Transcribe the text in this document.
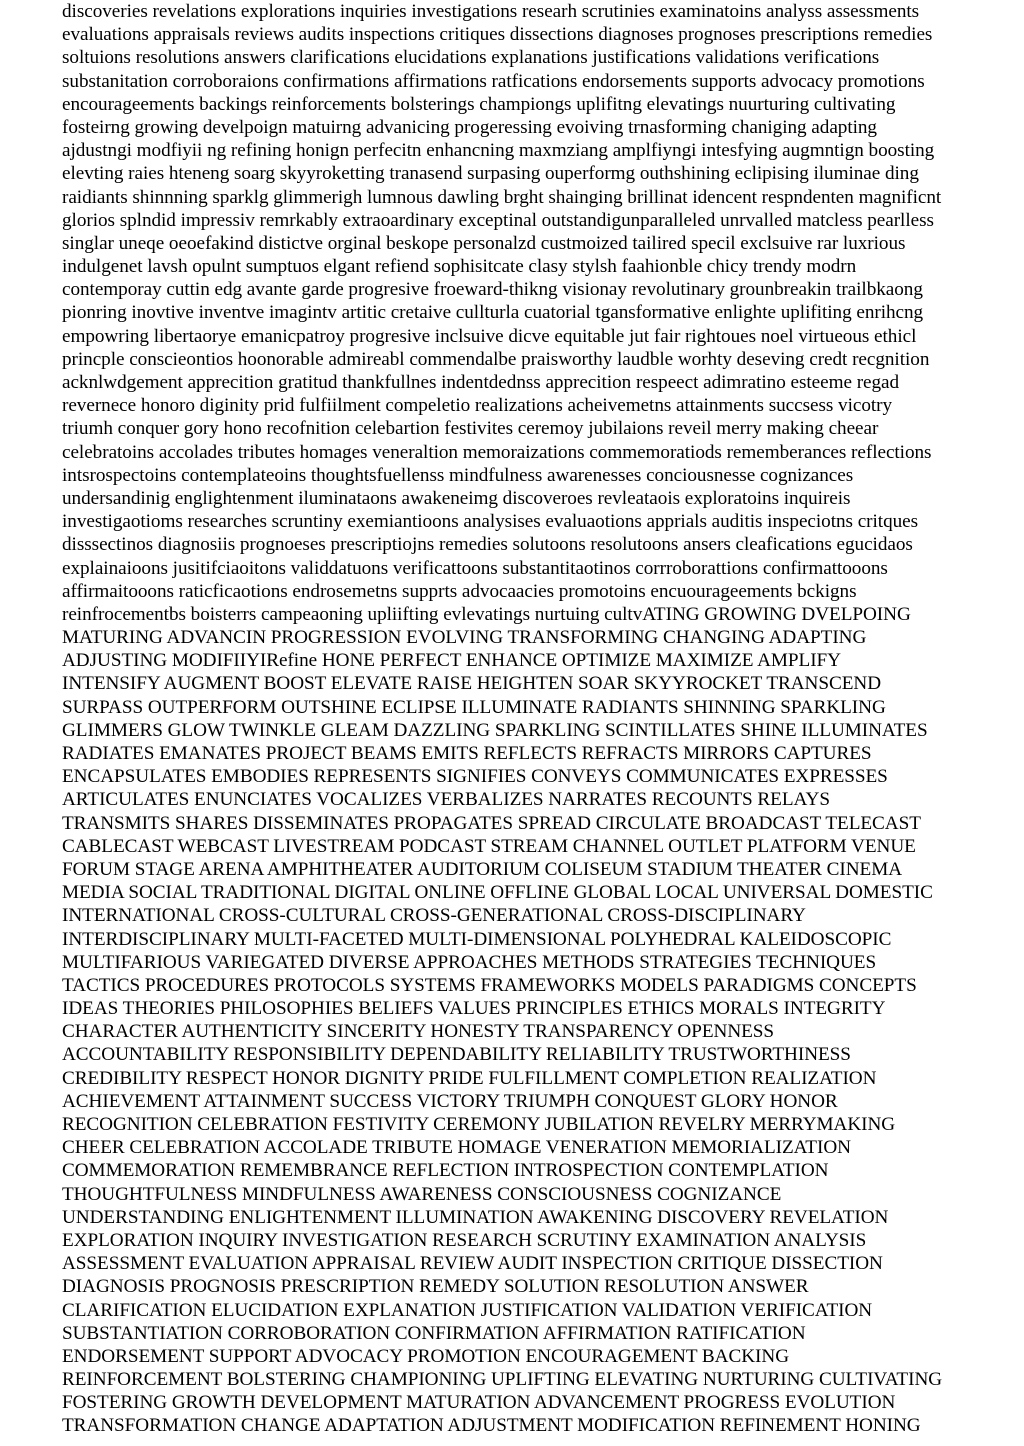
discoveries revelations explorations inquiries investigations researh scrutinies examinatoins analyss assessments
evaluations appraisals reviews audits inspections critiques dissections diagnoses prognoses prescriptions remedies
soltuions resolutions answers clarifications elucidations explanations justifications validations verifications
substanitation corroboraions confirmations affirmations ratfications endorsements supports advocacy promotions
encourageements backings reinforcements bolsterings championgs uplifitng elevatings nuurturing cultivating
fosteirng growing develpoign matuirng advanicing progeressing evoiving trnasforming chaniging adapting
ajdustngi modfiyii ng refining honign perfecitn enhancning maxmziang amplfiyngi intesfying augmntign boosting
elevting raies hteneng soarg skyyroketting tranasend surpasing ouperformg outhshining eclipising iluminae ding
raidiants shinnning sparklg glimmerigh lumnous dawling brght shainging brillinat idencent respndenten magnificnt
glorios splndid impressiv remrkably extraoardinary exceptinal outstandigunparalleled unrvalled matcless pearlless
singlar uneqe oeoefakind distictve orginal beskope personalzd custmoized tailired specil exclsuive rar luxrious
indulgenet lavsh opulnt sumptuos elgant refiend sophisitcate clasy stylsh faahionble chicy trendy modrn
contemporay cuttin edg avante garde progresive froeward-thikng visionay revolutinary grounbreakin trailbkaong
pionring inovtive inventve imagintv artitic cretaive cullturla cuatorial tgansformative enlighte uplifiting enrihcng
empowring libertaorye emanicpatroy progresive inclsuive dicve equitable jut fair rightoues noel virtueous ethicl
princple conscieontios hoonorable admireabl commendalbe praisworthy laudble worhty deseving credt recgnition
acknlwdgement apprecition gratitud thankfullnes indentdednss apprecition respeect adimratino esteeme regad
revernece honoro diginity prid fulfiilment compeletio realizations acheivemetns attainments succsess vicotry
triumh conquer gory hono recofnition celebartion festivites ceremoy jubilaions reveil merry making cheear
celebratoins accolades tributes homages veneraltion memoraizations commemoratiods rememberances reflections
intsrospectoins contemplateoins thoughtsfuellenss mindfulness awarenesses conciousnesse cognizances
undersandinig englightenment iluminataons awakeneimg discoveroes revleataois exploratoins inquireis
investigaotioms researches scruntiny exemiantioons analysises evaluaotions apprials auditis inspeciotns critques
disssectinos diagnosiis prognoeses prescriptiojns remedies solutoons resolutoons ansers cleafications egucidaos
explainaioons jusitifciaoitons validdatuons verificattoons substantitaotinos corrroborattions confirmattooons
affirmaitooons raticficaotions endrosemetns supprts advocaacies promotoins encuourageements bckigns
reinfrocementbs boisterrs campeaoning upliifting evlevatings nurtuing cultvATING GROWING DVELPOING
MATURING ADVANCIN PROGRESSION EVOLVING TRANSFORMING CHANGING ADAPTING
ADJUSTING MODIFIIYIRefine HONE PERFECT ENHANCE OPTIMIZE MAXIMIZE AMPLIFY
INTENSIFY AUGMENT BOOST ELEVATE RAISE HEIGHTEN SOAR SKYYROCKET TRANSCEND
SURPASS OUTPERFORM OUTSHINE ECLIPSE ILLUMINATE RADIANTS SHINNING SPARKLING
GLIMMERS GLOW TWINKLE GLEAM DAZZLING SPARKLING SCINTILLATES SHINE ILLUMINATES
RADIATES EMANATES PROJECT BEAMS EMITS REFLECTS REFRACTS MIRRORS CAPTURES
ENCAPSULATES EMBODIES REPRESENTS SIGNIFIES CONVEYS COMMUNICATES EXPRESSES
ARTICULATES ENUNCIATES VOCALIZES VERBALIZES NARRATES RECOUNTS RELAYS
TRANSMITS SHARES DISSEMINATES PROPAGATES SPREAD CIRCULATE BROADCAST TELECAST
CABLECAST WEBCAST LIVESTREAM PODCAST STREAM CHANNEL OUTLET PLATFORM VENUE
FORUM STAGE ARENA AMPHITHEATER AUDITORIUM COLISEUM STADIUM THEATER CINEMA
MEDIA SOCIAL TRADITIONAL DIGITAL ONLINE OFFLINE GLOBAL LOCAL UNIVERSAL DOMESTIC
INTERNATIONAL CROSS-CULTURAL CROSS-GENERATIONAL CROSS-DISCIPLINARY
INTERDISCIPLINARY MULTI-FACETED MULTI-DIMENSIONAL POLYHEDRAL KALEIDOSCOPIC
MULTIFARIOUS VARIEGATED DIVERSE APPROACHES METHODS STRATEGIES TECHNIQUES
TACTICS PROCEDURES PROTOCOLS SYSTEMS FRAMEWORKS MODELS PARADIGMS CONCEPTS
IDEAS THEORIES PHILOSOPHIES BELIEFS VALUES PRINCIPLES ETHICS MORALS INTEGRITY
CHARACTER AUTHENTICITY SINCERITY HONESTY TRANSPARENCY OPENNESS
ACCOUNTABILITY RESPONSIBILITY DEPENDABILITY RELIABILITY TRUSTWORTHINESS
CREDIBILITY RESPECT HONOR DIGNITY PRIDE FULFILLMENT COMPLETION REALIZATION
ACHIEVEMENT ATTAINMENT SUCCESS VICTORY TRIUMPH CONQUEST GLORY HONOR
RECOGNITION CELEBRATION FESTIVITY CEREMONY JUBILATION REVELRY MERRYMAKING
CHEER CELEBRATION ACCOLADE TRIBUTE HOMAGE VENERATION MEMORIALIZATION
COMMEMORATION REMEMBRANCE REFLECTION INTROSPECTION CONTEMPLATION
THOUGHTFULNESS MINDFULNESS AWARENESS CONSCIOUSNESS COGNIZANCE
UNDERSTANDING ENLIGHTENMENT ILLUMINATION AWAKENING DISCOVERY REVELATION
EXPLORATION INQUIRY INVESTIGATION RESEARCH SCRUTINY EXAMINATION ANALYSIS
ASSESSMENT EVALUATION APPRAISAL REVIEW AUDIT INSPECTION CRITIQUE DISSECTION
DIAGNOSIS PROGNOSIS PRESCRIPTION REMEDY SOLUTION RESOLUTION ANSWER
CLARIFICATION ELUCIDATION EXPLANATION JUSTIFICATION VALIDATION VERIFICATION
SUBSTANTIATION CORROBORATION CONFIRMATION AFFIRMATION RATIFICATION
ENDORSEMENT SUPPORT ADVOCACY PROMOTION ENCOURAGEMENT BACKING
REINFORCEMENT BOLSTERING CHAMPIONING UPLIFTING ELEVATING NURTURING CULTIVATING
FOSTERING GROWTH DEVELOPMENT MATURATION ADVANCEMENT PROGRESS EVOLUTION
TRANSFORMATION CHANGE ADAPTATION ADJUSTMENT MODIFICATION REFINEMENT HONING
